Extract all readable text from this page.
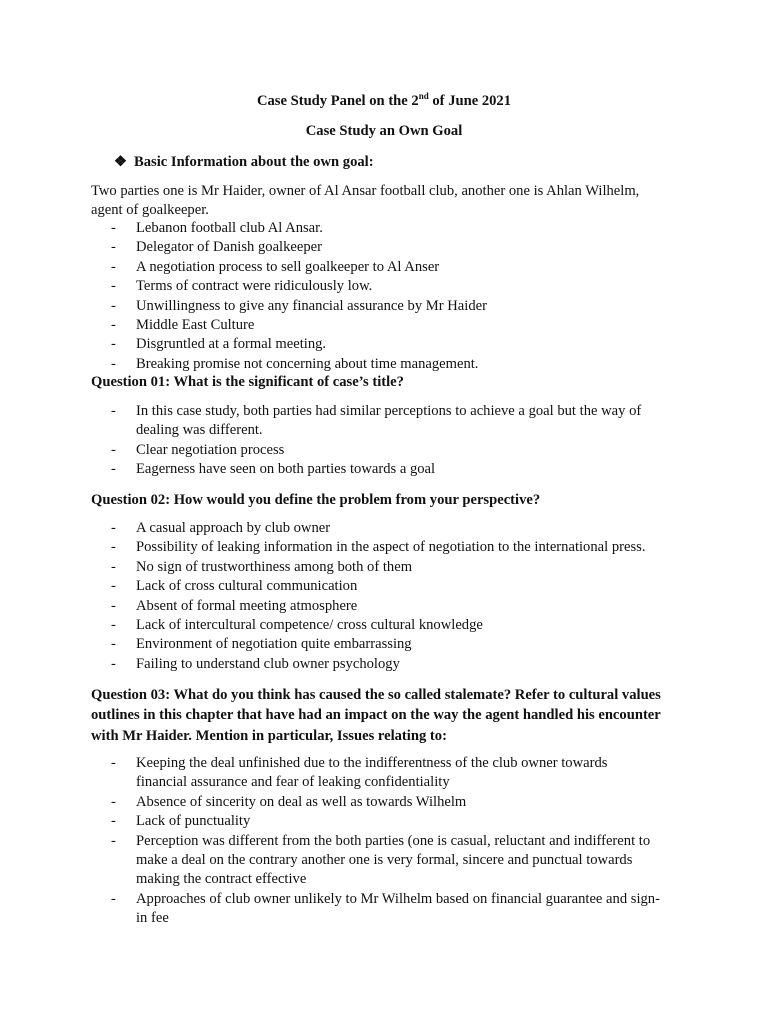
Case Study Panel on the 2nd of June 2021
Case Study an Own Goal
❖ Basic Information about the own goal:
Two parties one is Mr Haider, owner of Al Ansar football club, another one is Ahlan Wilhelm,
agent of goalkeeper.
- Lebanon football club Al Ansar.
- Delegator of Danish goalkeeper
- A negotiation process to sell goalkeeper to Al Anser
- Terms of contract were ridiculously low.
- Unwillingness to give any financial assurance by Mr Haider
- Middle East Culture
- Disgruntled at a formal meeting.
- Breaking promise not concerning about time management.
Question 01: What is the significant of case’s title?
- In this case study, both parties had similar perceptions to achieve a goal but the way of
dealing was different.
- Clear negotiation process
- Eagerness have seen on both parties towards a goal
Question 02: How would you define the problem from your perspective?
- A casual approach by club owner
- Possibility of leaking information in the aspect of negotiation to the international press.
- No sign of trustworthiness among both of them
- Lack of cross cultural communication
- Absent of formal meeting atmosphere
- Lack of intercultural competence/ cross cultural knowledge
- Environment of negotiation quite embarrassing
- Failing to understand club owner psychology
Question 03: What do you think has caused the so called stalemate? Refer to cultural values
outlines in this chapter that have had an impact on the way the agent handled his encounter
with Mr Haider. Mention in particular, Issues relating to:
- Keeping the deal unfinished due to the indifferentness of the club owner towards
financial assurance and fear of leaking confidentiality
- Absence of sincerity on deal as well as towards Wilhelm
- Lack of punctuality
- Perception was different from the both parties (one is casual, reluctant and indifferent to
make a deal on the contrary another one is very formal, sincere and punctual towards
making the contract effective
- Approaches of club owner unlikely to Mr Wilhelm based on financial guarantee and sign-
in fee
